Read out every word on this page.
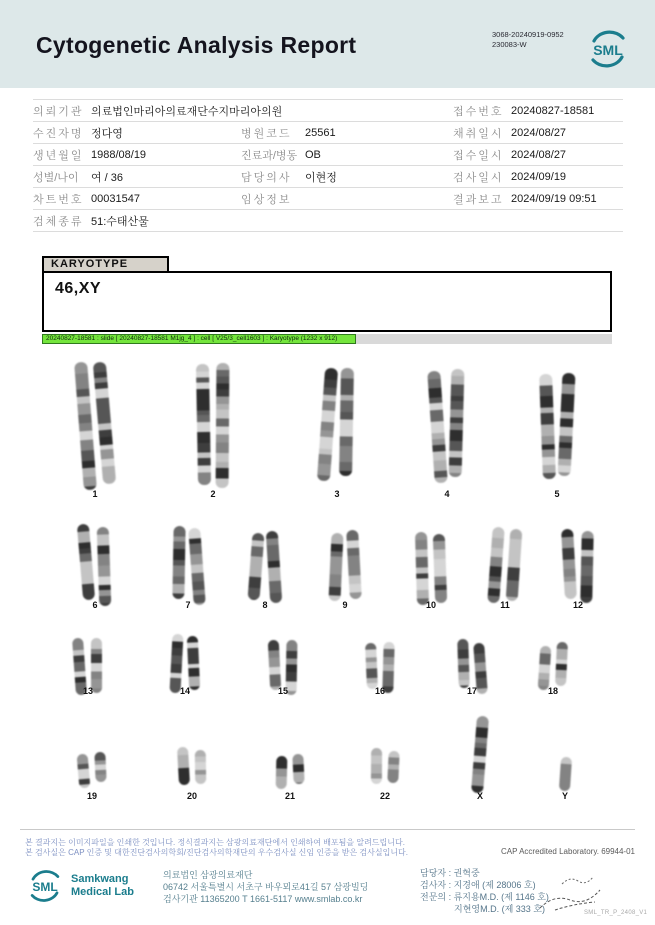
Cytogenetic Analysis Report	3068-20240919-0952
230083-W	SML
의뢰기관 의료법인마리아의료재단수지마리아의원	접수번호 20240827-18581
수진자명 정다영	병원코드	25561	채취일시 2024/08/27
생년월일 1988/08/19	진료과/병동 OB	접수일시 2024/08/27
성별/나이	여 / 36	담당의사	이현정	검사일시 2024/09/19
차트번호 00031547	임상정보	결과보고 2024/09/19 09:51
검체종류 51:수태산물
KARYOTYPE
46,XY
20240827-18581 : slide [ 20240827-18581 M1jg_4 ] : cell [ V25/3_cell1603 ] : Karyotype (1232 x 912)
본 결과지는 이미지파일을 인쇄한 것입니다. 정식결과지는 삼광의료재단에서 인쇄하여 배포됨을 알려드립니다.
본 검사실은 CAP 인증 및 대한진단검사의학회/진단검사의학재단의 우수검사실 신임 인증을 받은 검사실입니다.	CAP Accredited Laboratory. 69944-01
SML
Samkwang
Medical Lab
의료법인 삼광의료재단
06742 서울특별시 서초구 바우뫼로41길 57 삼광빌딩
검사기관 11365200 T 1661-5117 www.smlab.co.kr
담당자 : 권혁중
검사자 : 지경애 (제 28006 호)
전문의 : 류지용M.D. (제 1146 호)
지현영M.D. (제 333 호)	SML_TR_P_2408_V1
1	2	3	4	5
6	7	8	9	10	11	12
13	14	15	16	17	18
19	20	21	22	X	Y
